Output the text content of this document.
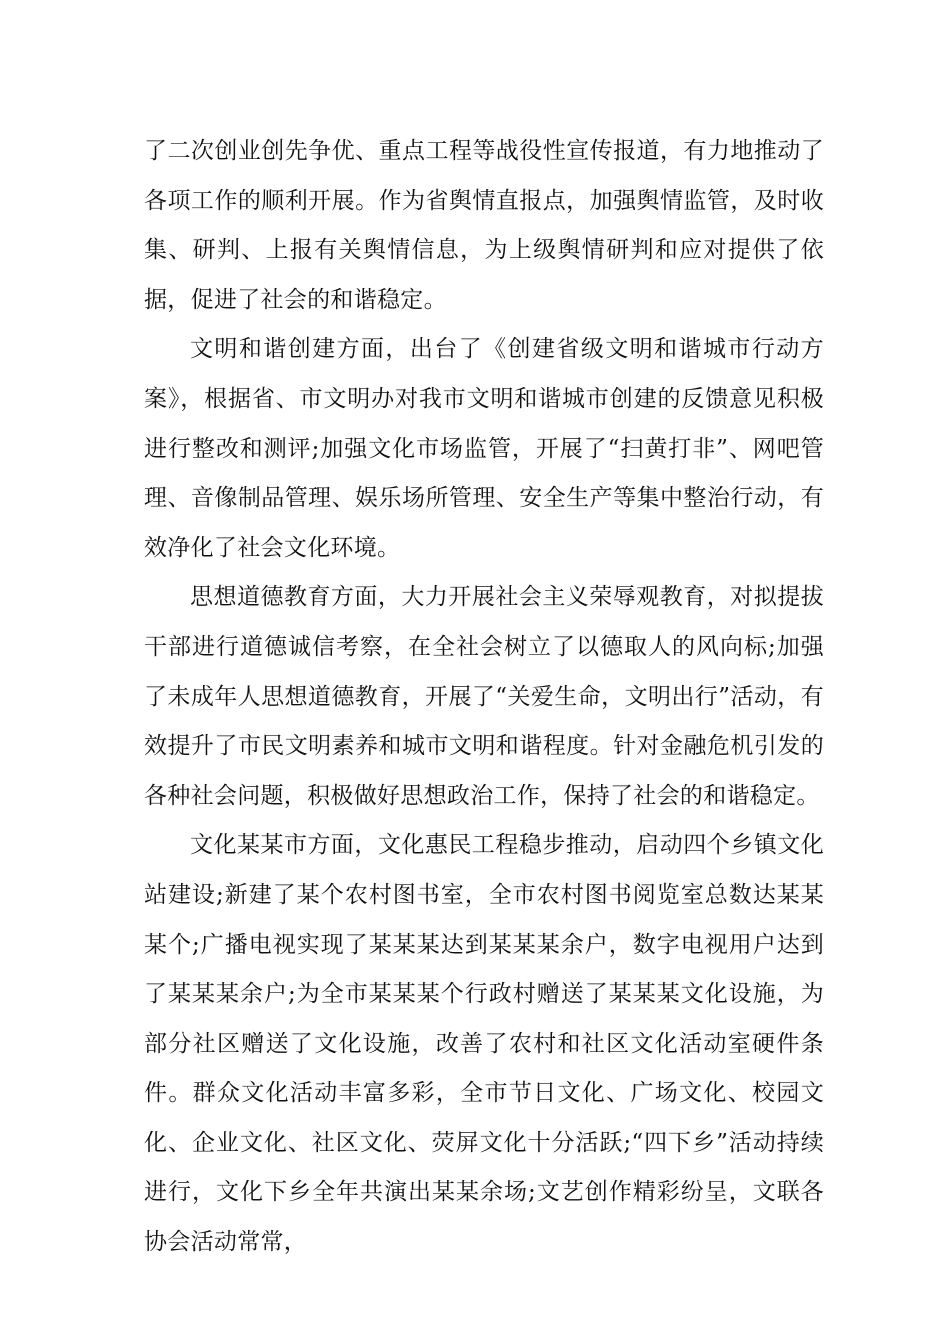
了二次创业创先争优、重点工程等战役性宣传报道，有力地推动了各项工作的顺利开展。作为省舆情直报点，加强舆情监管，及时收集、研判、上报有关舆情信息，为上级舆情研判和应对提供了依据，促进了社会的和谐稳定。

文明和谐创建方面，出台了《创建省级文明和谐城市行动方案》，根据省、市文明办对我市文明和谐城市创建的反馈意见积极进行整改和测评;加强文化市场监管，开展了“扫黄打非”、网吧管理、音像制品管理、娱乐场所管理、安全生产等集中整治行动，有效净化了社会文化环境。

思想道德教育方面，大力开展社会主义荣辱观教育，对拟提拔干部进行道德诚信考察，在全社会树立了以德取人的风向标;加强了未成年人思想道德教育，开展了“关爱生命，文明出行”活动，有效提升了市民文明素养和城市文明和谐程度。针对金融危机引发的各种社会问题，积极做好思想政治工作，保持了社会的和谐稳定。

文化某某市方面，文化惠民工程稳步推动，启动四个乡镇文化站建设;新建了某个农村图书室，全市农村图书阅览室总数达某某某个;广播电视实现了某某某达到某某某余户，数字电视用户达到了某某某余户;为全市某某某个行政村赠送了某某某文化设施，为部分社区赠送了文化设施，改善了农村和社区文化活动室硬件条件。群众文化活动丰富多彩，全市节日文化、广场文化、校园文化、企业文化、社区文化、荧屏文化十分活跃;“四下乡”活动持续进行，文化下乡全年共演出某某余场;文艺创作精彩纷呈，文联各协会活动常常，
